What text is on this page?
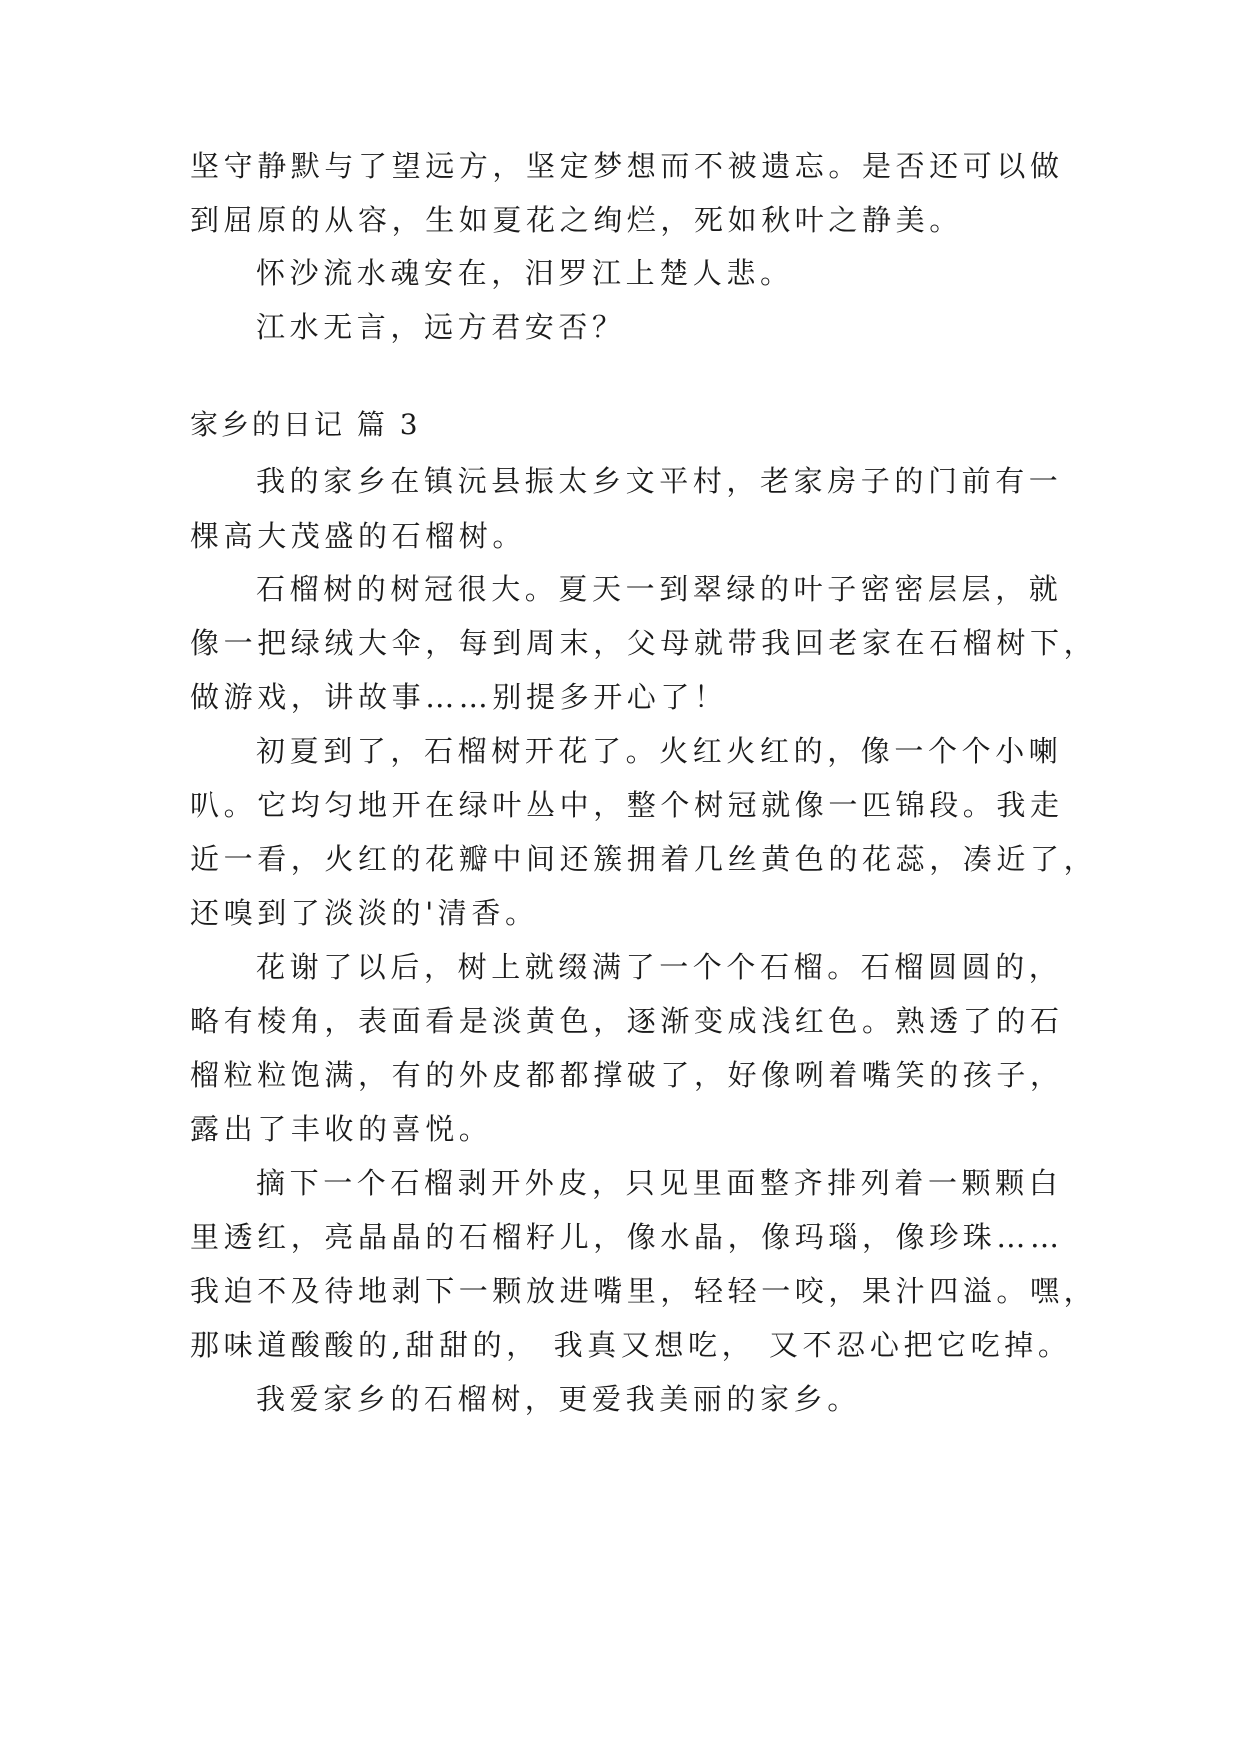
坚守静默与了望远方，坚定梦想而不被遗忘。是否还可以做
到屈原的从容，生如夏花之绚烂，死如秋叶之静美。
怀沙流水魂安在，汨罗江上楚人悲。
江水无言，远方君安否？
家乡的日记 篇 3
我的家乡在镇沅县振太乡文平村，老家房子的门前有一
棵高大茂盛的石榴树。
石榴树的树冠很大。夏天一到翠绿的叶子密密层层，就
像一把绿绒大伞，每到周末，父母就带我回老家在石榴树下，
做游戏，讲故事……别提多开心了！
初夏到了，石榴树开花了。火红火红的，像一个个小喇
叭。它均匀地开在绿叶丛中，整个树冠就像一匹锦段。我走
近一看，火红的花瓣中间还簇拥着几丝黄色的花蕊，凑近了，
还嗅到了淡淡的'清香。
花谢了以后，树上就缀满了一个个石榴。石榴圆圆的，
略有棱角，表面看是淡黄色，逐渐变成浅红色。熟透了的石
榴粒粒饱满，有的外皮都都撑破了，好像咧着嘴笑的孩子，
露出了丰收的喜悦。
摘下一个石榴剥开外皮，只见里面整齐排列着一颗颗白
里透红，亮晶晶的石榴籽儿，像水晶，像玛瑙，像珍珠……
我迫不及待地剥下一颗放进嘴里，轻轻一咬，果汁四溢。嘿，
那味道酸酸的,甜甜的， 我真又想吃， 又不忍心把它吃掉。
我爱家乡的石榴树，更爱我美丽的家乡。
